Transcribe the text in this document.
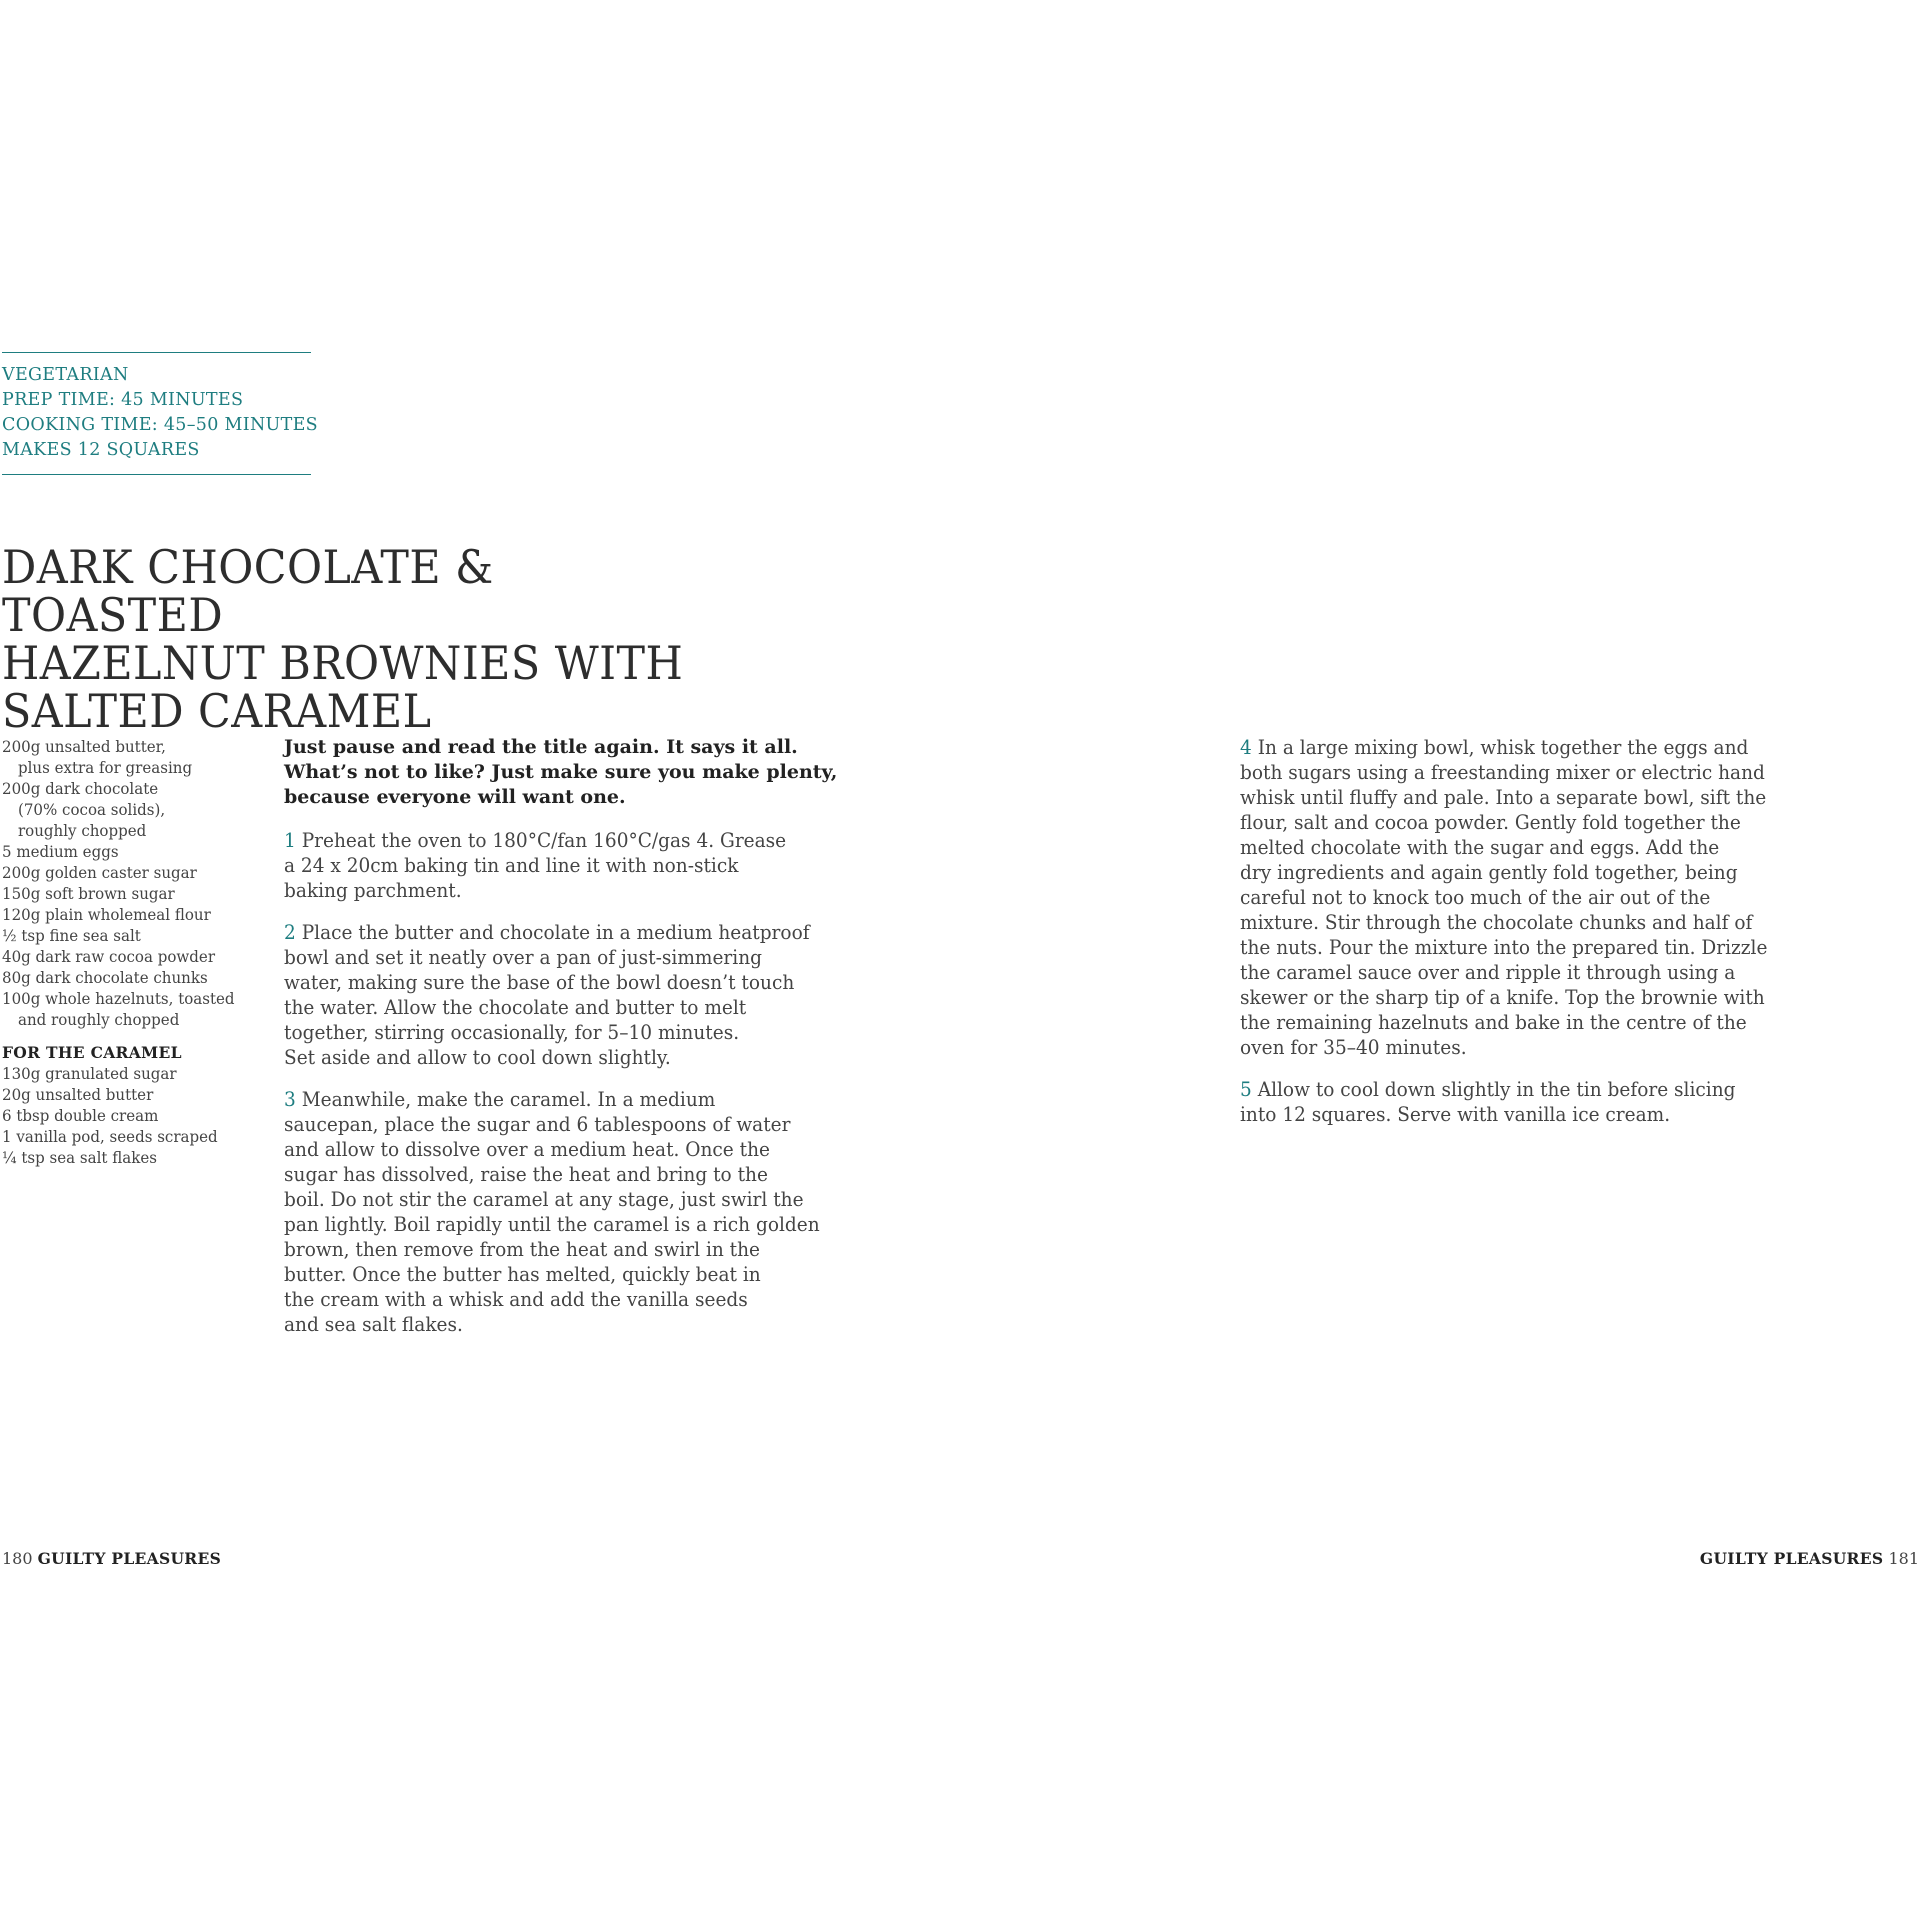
VEGETARIAN
PREP TIME: 45 MINUTES
COOKING TIME: 45–50 MINUTES
MAKES 12 SQUARES
DARK CHOCOLATE & TOASTED
HAZELNUT BROWNIES WITH
SALTED CARAMEL
200g unsalted butter,
plus extra for greasing
200g dark chocolate
(70% cocoa solids),
roughly chopped
5 medium eggs
200g golden caster sugar
150g soft brown sugar
120g plain wholemeal flour
½ tsp fine sea salt
40g dark raw cocoa powder
80g dark chocolate chunks
100g whole hazelnuts, toasted
and roughly chopped
FOR THE CARAMEL
130g granulated sugar
20g unsalted butter
6 tbsp double cream
1 vanilla pod, seeds scraped
¼ tsp sea salt flakes
Just pause and read the title again. It says it all.
What’s not to like? Just make sure you make plenty,
because everyone will want one.
1 Preheat the oven to 180°C/fan 160°C/gas 4. Grease
a 24 x 20cm baking tin and line it with non-stick
baking parchment.
2 Place the butter and chocolate in a medium heatproof
bowl and set it neatly over a pan of just-simmering
water, making sure the base of the bowl doesn’t touch
the water. Allow the chocolate and butter to melt
together, stirring occasionally, for 5–10 minutes.
Set aside and allow to cool down slightly.
3 Meanwhile, make the caramel. In a medium
saucepan, place the sugar and 6 tablespoons of water
and allow to dissolve over a medium heat. Once the
sugar has dissolved, raise the heat and bring to the
boil. Do not stir the caramel at any stage, just swirl the
pan lightly. Boil rapidly until the caramel is a rich golden
brown, then remove from the heat and swirl in the
butter. Once the butter has melted, quickly beat in
the cream with a whisk and add the vanilla seeds
and sea salt flakes.
4 In a large mixing bowl, whisk together the eggs and
both sugars using a freestanding mixer or electric hand
whisk until fluffy and pale. Into a separate bowl, sift the
flour, salt and cocoa powder. Gently fold together the
melted chocolate with the sugar and eggs. Add the
dry ingredients and again gently fold together, being
careful not to knock too much of the air out of the
mixture. Stir through the chocolate chunks and half of
the nuts. Pour the mixture into the prepared tin. Drizzle
the caramel sauce over and ripple it through using a
skewer or the sharp tip of a knife. Top the brownie with
the remaining hazelnuts and bake in the centre of the
oven for 35–40 minutes.
5 Allow to cool down slightly in the tin before slicing
into 12 squares. Serve with vanilla ice cream.
180 GUILTY PLEASURES	GUILTY PLEASURES 181
